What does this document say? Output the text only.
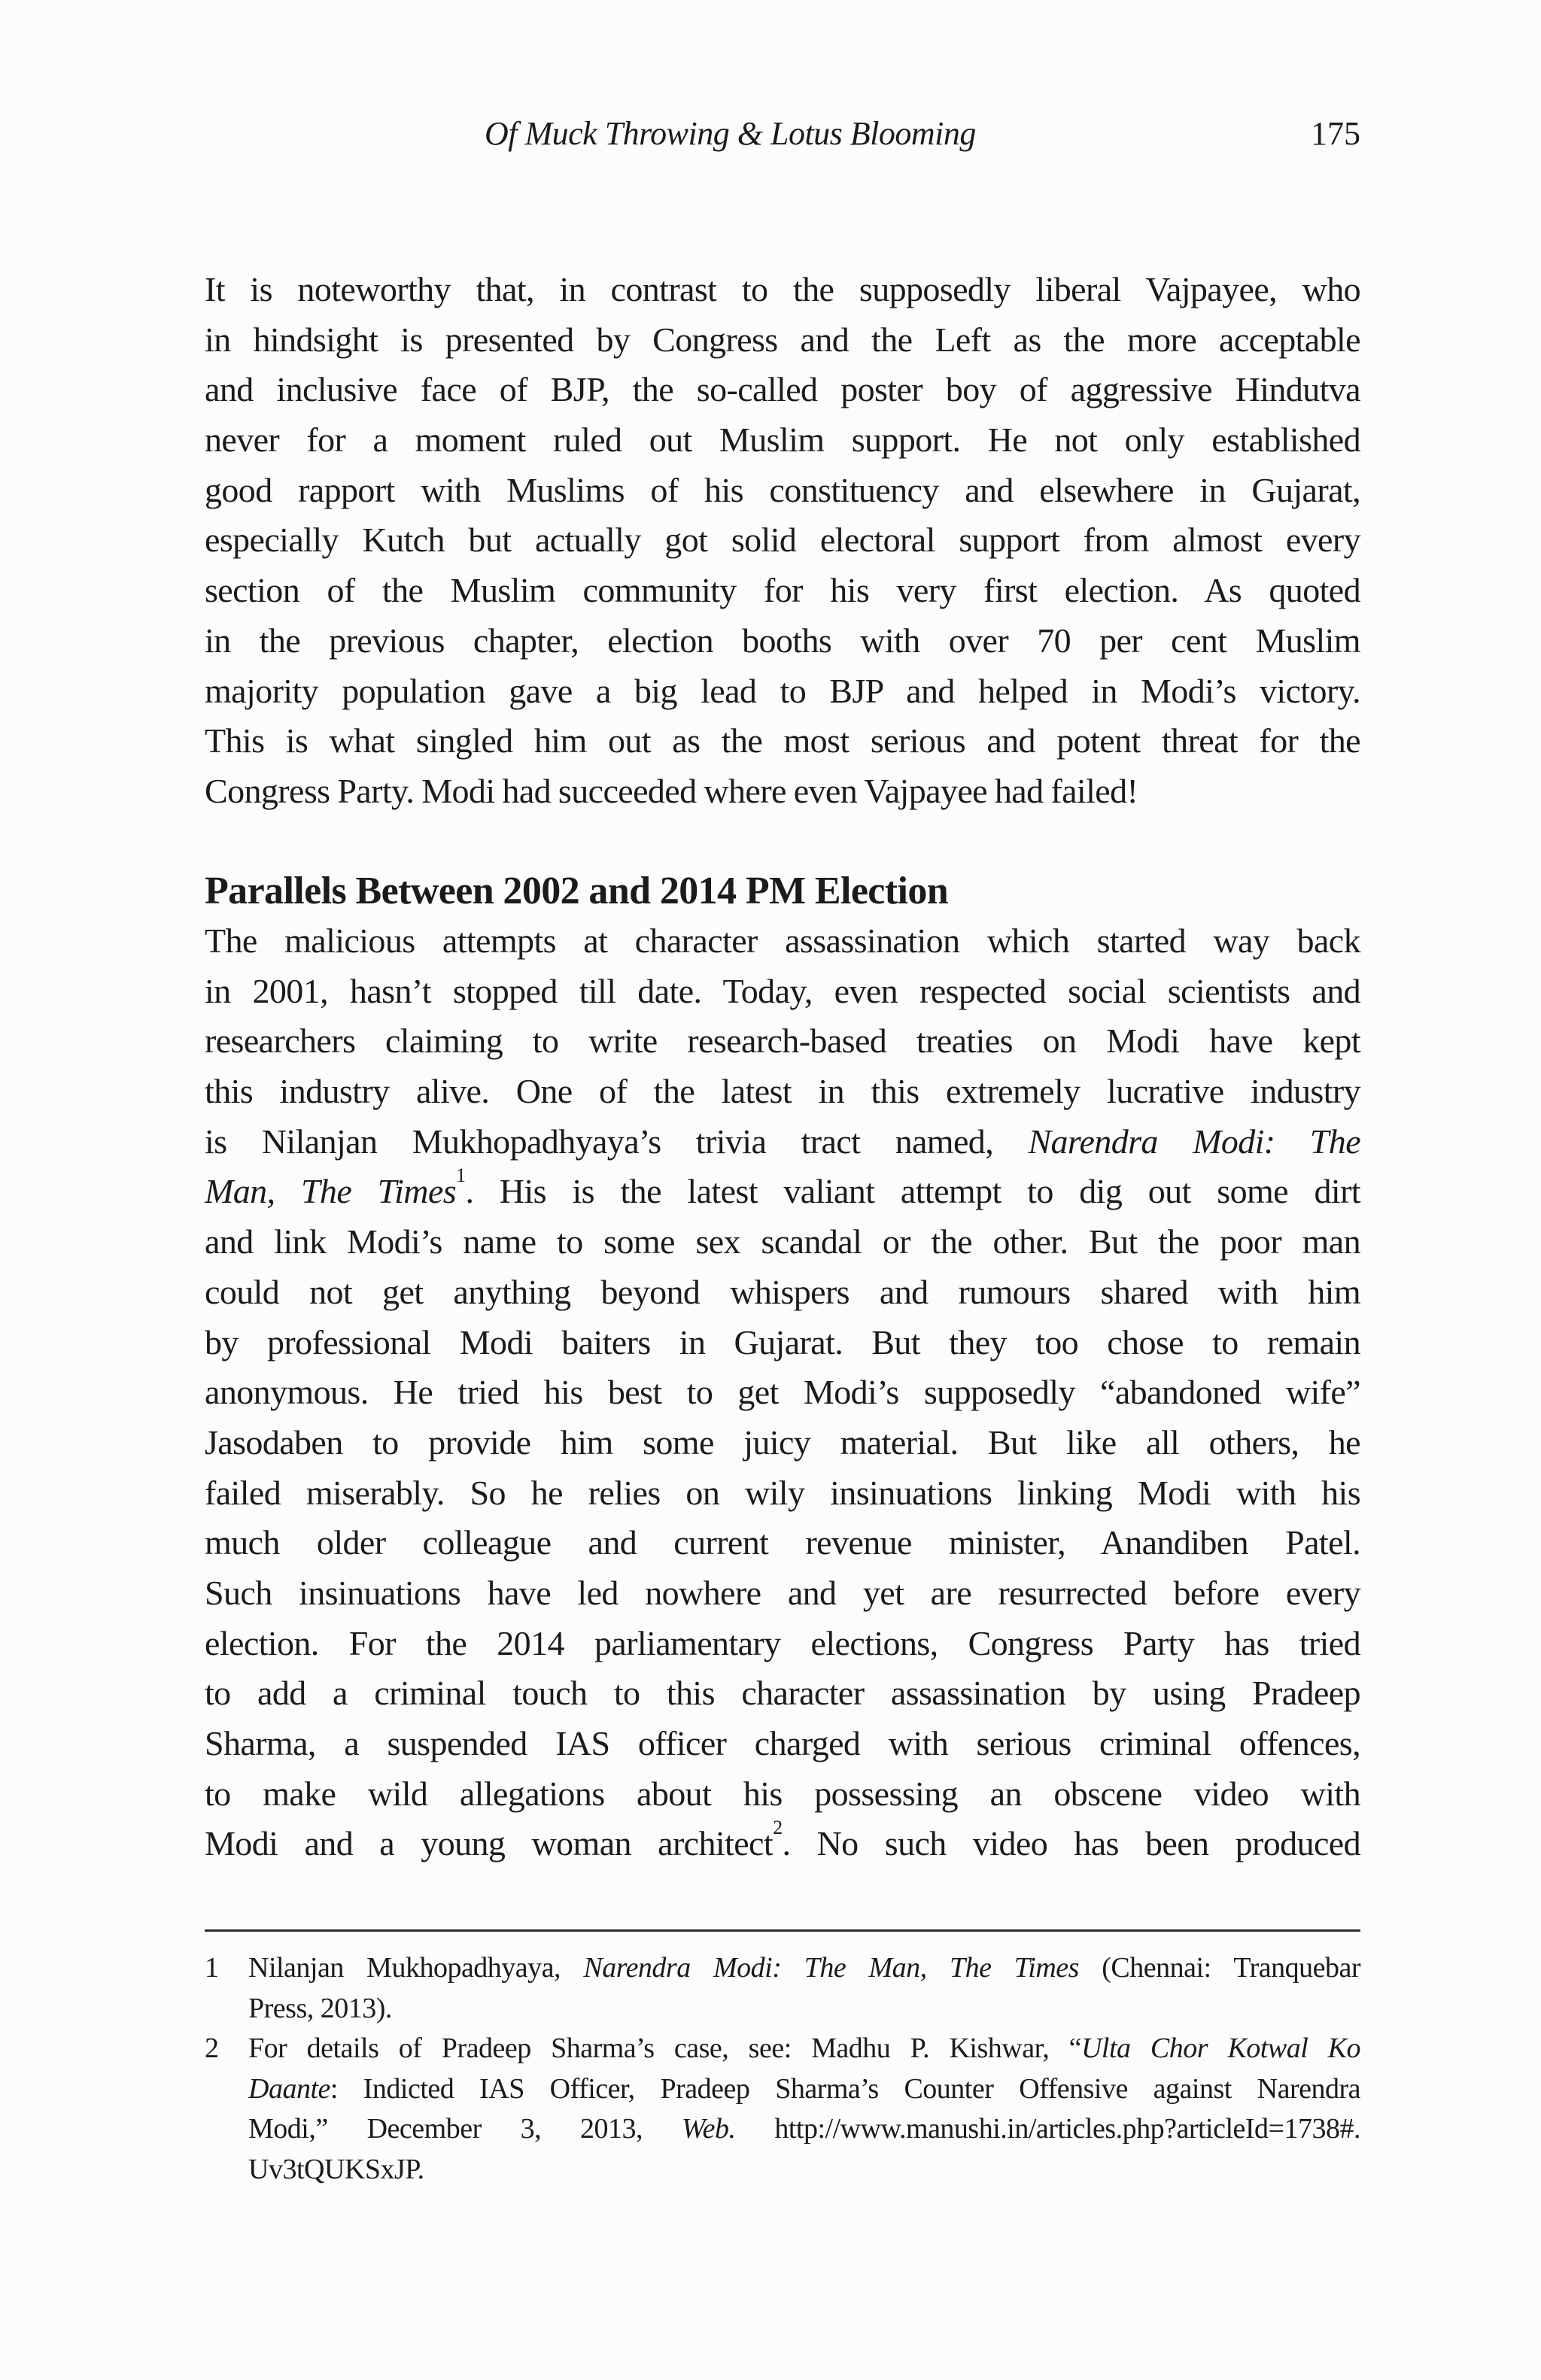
Of Muck Throwing & Lotus Blooming	175
It is noteworthy that, in contrast to the supposedly liberal Vajpayee, who
in hindsight is presented by Congress and the Left as the more acceptable
and inclusive face of BJP, the so-called poster boy of aggressive Hindutva
never for a moment ruled out Muslim support. He not only established
good rapport with Muslims of his constituency and elsewhere in Gujarat,
especially Kutch but actually got solid electoral support from almost every
section of the Muslim community for his very first election. As quoted
in the previous chapter, election booths with over 70 per cent Muslim
majority population gave a big lead to BJP and helped in Modi’s victory.
This is what singled him out as the most serious and potent threat for the
Congress Party. Modi had succeeded where even Vajpayee had failed!
Parallels Between 2002 and 2014 PM Election
The malicious attempts at character assassination which started way back
in 2001, hasn’t stopped till date. Today, even respected social scientists and
researchers claiming to write research-based treaties on Modi have kept
this industry alive. One of the latest in this extremely lucrative industry
is Nilanjan Mukhopadhyaya’s trivia tract named, Narendra Modi: The
Man, The Times$^1$. His is the latest valiant attempt to dig out some dirt
and link Modi’s name to some sex scandal or the other. But the poor man
could not get anything beyond whispers and rumours shared with him
by professional Modi baiters in Gujarat. But they too chose to remain
anonymous. He tried his best to get Modi’s supposedly “abandoned wife”
Jasodaben to provide him some juicy material. But like all others, he
failed miserably. So he relies on wily insinuations linking Modi with his
much older colleague and current revenue minister, Anandiben Patel.
Such insinuations have led nowhere and yet are resurrected before every
election. For the 2014 parliamentary elections, Congress Party has tried
to add a criminal touch to this character assassination by using Pradeep
Sharma, a suspended IAS officer charged with serious criminal offences,
to make wild allegations about his possessing an obscene video with
Modi and a young woman architect$^2$. No such video has been produced
1 Nilanjan Mukhopadhyaya, Narendra Modi: The Man, The Times (Chennai: Tranquebar
Press, 2013).
2 For details of Pradeep Sharma’s case, see: Madhu P. Kishwar, “Ulta Chor Kotwal Ko
Daante: Indicted IAS Officer, Pradeep Sharma’s Counter Offensive against Narendra
Modi,” December 3, 2013, Web. http://www.manushi.in/articles.php?articleId=1738#.
Uv3tQUKSxJP.
